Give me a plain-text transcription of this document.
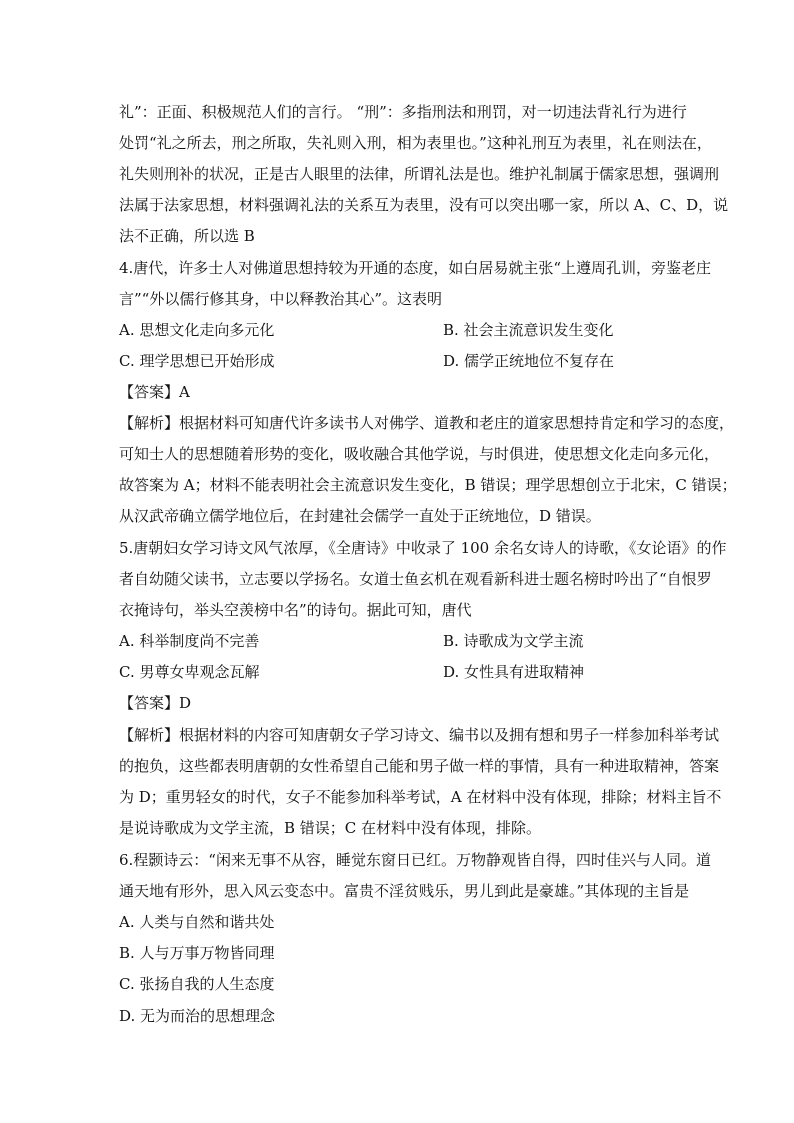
礼”：正面、积极规范人们的言行。 “刑”：多指刑法和刑罚，对一切违法背礼行为进行
处罚“礼之所去，刑之所取，失礼则入刑，相为表里也。”这种礼刑互为表里，礼在则法在，
礼失则刑补的状况，正是古人眼里的法律，所谓礼法是也。维护礼制属于儒家思想，强调刑
法属于法家思想，材料强调礼法的关系互为表里，没有可以突出哪一家，所以 A、C、D，说
法不正确，所以选 B
4.唐代，许多士人对佛道思想持较为开通的态度，如白居易就主张“上遵周孔训，旁鉴老庄
言”“外以儒行修其身，中以释教治其心”。这表明
A. 思想文化走向多元化	B. 社会主流意识发生变化
C. 理学思想已开始形成	D. 儒学正统地位不复存在
【答案】A
【解析】根据材料可知唐代许多读书人对佛学、道教和老庄的道家思想持肯定和学习的态度，
可知士人的思想随着形势的变化，吸收融合其他学说，与时俱进，使思想文化走向多元化，
故答案为 A；材料不能表明社会主流意识发生变化，B 错误；理学思想创立于北宋，C 错误；
从汉武帝确立儒学地位后，在封建社会儒学一直处于正统地位，D 错误。
5.唐朝妇女学习诗文风气浓厚，《全唐诗》中收录了 100 余名女诗人的诗歌，《女论语》的作
者自幼随父读书，立志要以学扬名。女道士鱼玄机在观看新科进士题名榜时吟出了“自恨罗
衣掩诗句，举头空羡榜中名”的诗句。据此可知，唐代
A. 科举制度尚不完善	B. 诗歌成为文学主流
C. 男尊女卑观念瓦解	D. 女性具有进取精神
【答案】D
【解析】根据材料的内容可知唐朝女子学习诗文、编书以及拥有想和男子一样参加科举考试
的抱负，这些都表明唐朝的女性希望自己能和男子做一样的事情，具有一种进取精神，答案
为 D；重男轻女的时代，女子不能参加科举考试，A 在材料中没有体现，排除；材料主旨不
是说诗歌成为文学主流，B 错误；C 在材料中没有体现，排除。
6.程颢诗云：“闲来无事不从容，睡觉东窗日已红。万物静观皆自得，四时佳兴与人同。道
通天地有形外，思入风云变态中。富贵不淫贫贱乐，男儿到此是豪雄。”其体现的主旨是
A. 人类与自然和谐共处
B. 人与万事万物皆同理
C. 张扬自我的人生态度
D. 无为而治的思想理念
